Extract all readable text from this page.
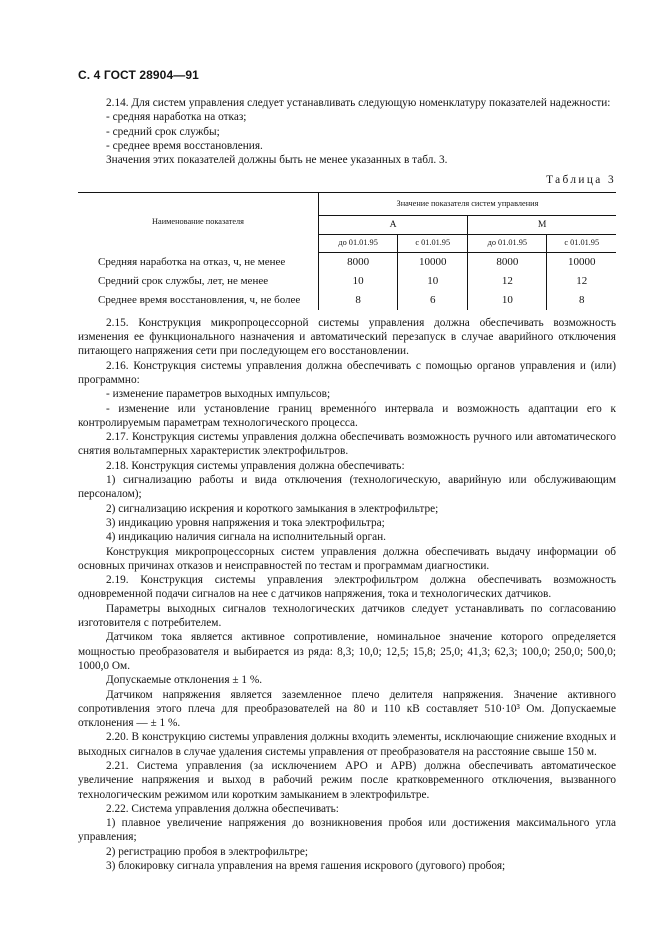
С. 4 ГОСТ 28904—91

2.14. Для систем управления следует устанавливать следующую номенклатуру показателей надежности:

- средняя наработка на отказ;

- средний срок службы;

- среднее время восстановления.

Значения этих показателей должны быть не менее указанных в табл. 3.

Таблица 3
Наименование показателя	Значение показателя систем управления			
	А		М	
	до 01.01.95	с 01.01.95	до 01.01.95	с 01.01.95
Средняя наработка на отказ, ч, не менее	8000	10000	8000	10000
Средний срок службы, лет, не менее	10	10	12	12
Среднее время восстановления, ч, не более	8	6	10	8

2.15. Конструкция микропроцессорной системы управления должна обеспечивать возможность изменения ее функционального назначения и автоматический перезапуск в случае аварийного отключения питающего напряжения сети при последующем его восстановлении.

2.16. Конструкция системы управления должна обеспечивать с помощью органов управления и (или) программно:

- изменение параметров выходных импульсов;

- изменение или установление границ временно́го интервала и возможность адаптации его к контролируемым параметрам технологического процесса.

2.17. Конструкция системы управления должна обеспечивать возможность ручного или автоматического снятия вольтамперных характеристик электрофильтров.

2.18. Конструкция системы управления должна обеспечивать:

1) сигнализацию работы и вида отключения (технологическую, аварийную или обслуживающим персоналом);

2) сигнализацию искрения и короткого замыкания в электрофильтре;

3) индикацию уровня напряжения и тока электрофильтра;

4) индикацию наличия сигнала на исполнительный орган.

Конструкция микропроцессорных систем управления должна обеспечивать выдачу информации об основных причинах отказов и неисправностей по тестам и программам диагностики.

2.19. Конструкция системы управления электрофильтром должна обеспечивать возможность одновременной подачи сигналов на нее с датчиков напряжения, тока и технологических датчиков.

Параметры выходных сигналов технологических датчиков следует устанавливать по согласованию изготовителя с потребителем.

Датчиком тока является активное сопротивление, номинальное значение которого определяется мощностью преобразователя и выбирается из ряда: 8,3; 10,0; 12,5; 15,8; 25,0; 41,3; 62,3; 100,0; 250,0; 500,0; 1000,0 Ом.

Допускаемые отклонения ± 1 %.

Датчиком напряжения является заземленное плечо делителя напряжения. Значение активного сопротивления этого плеча для преобразователей на 80 и 110 кВ составляет 510·10³ Ом. Допускаемые отклонения — ± 1 %.

2.20. В конструкцию системы управления должны входить элементы, исключающие снижение входных и выходных сигналов в случае удаления системы управления от преобразователя на расстояние свыше 150 м.

2.21. Система управления (за исключением АРО и АРВ) должна обеспечивать автоматическое увеличение напряжения и выход в рабочий режим после кратковременного отключения, вызванного технологическим режимом или коротким замыканием в электрофильтре.

2.22. Система управления должна обеспечивать:

1) плавное увеличение напряжения до возникновения пробоя или достижения максимального угла управления;

2) регистрацию пробоя в электрофильтре;

3) блокировку сигнала управления на время гашения искрового (дугового) пробоя;
